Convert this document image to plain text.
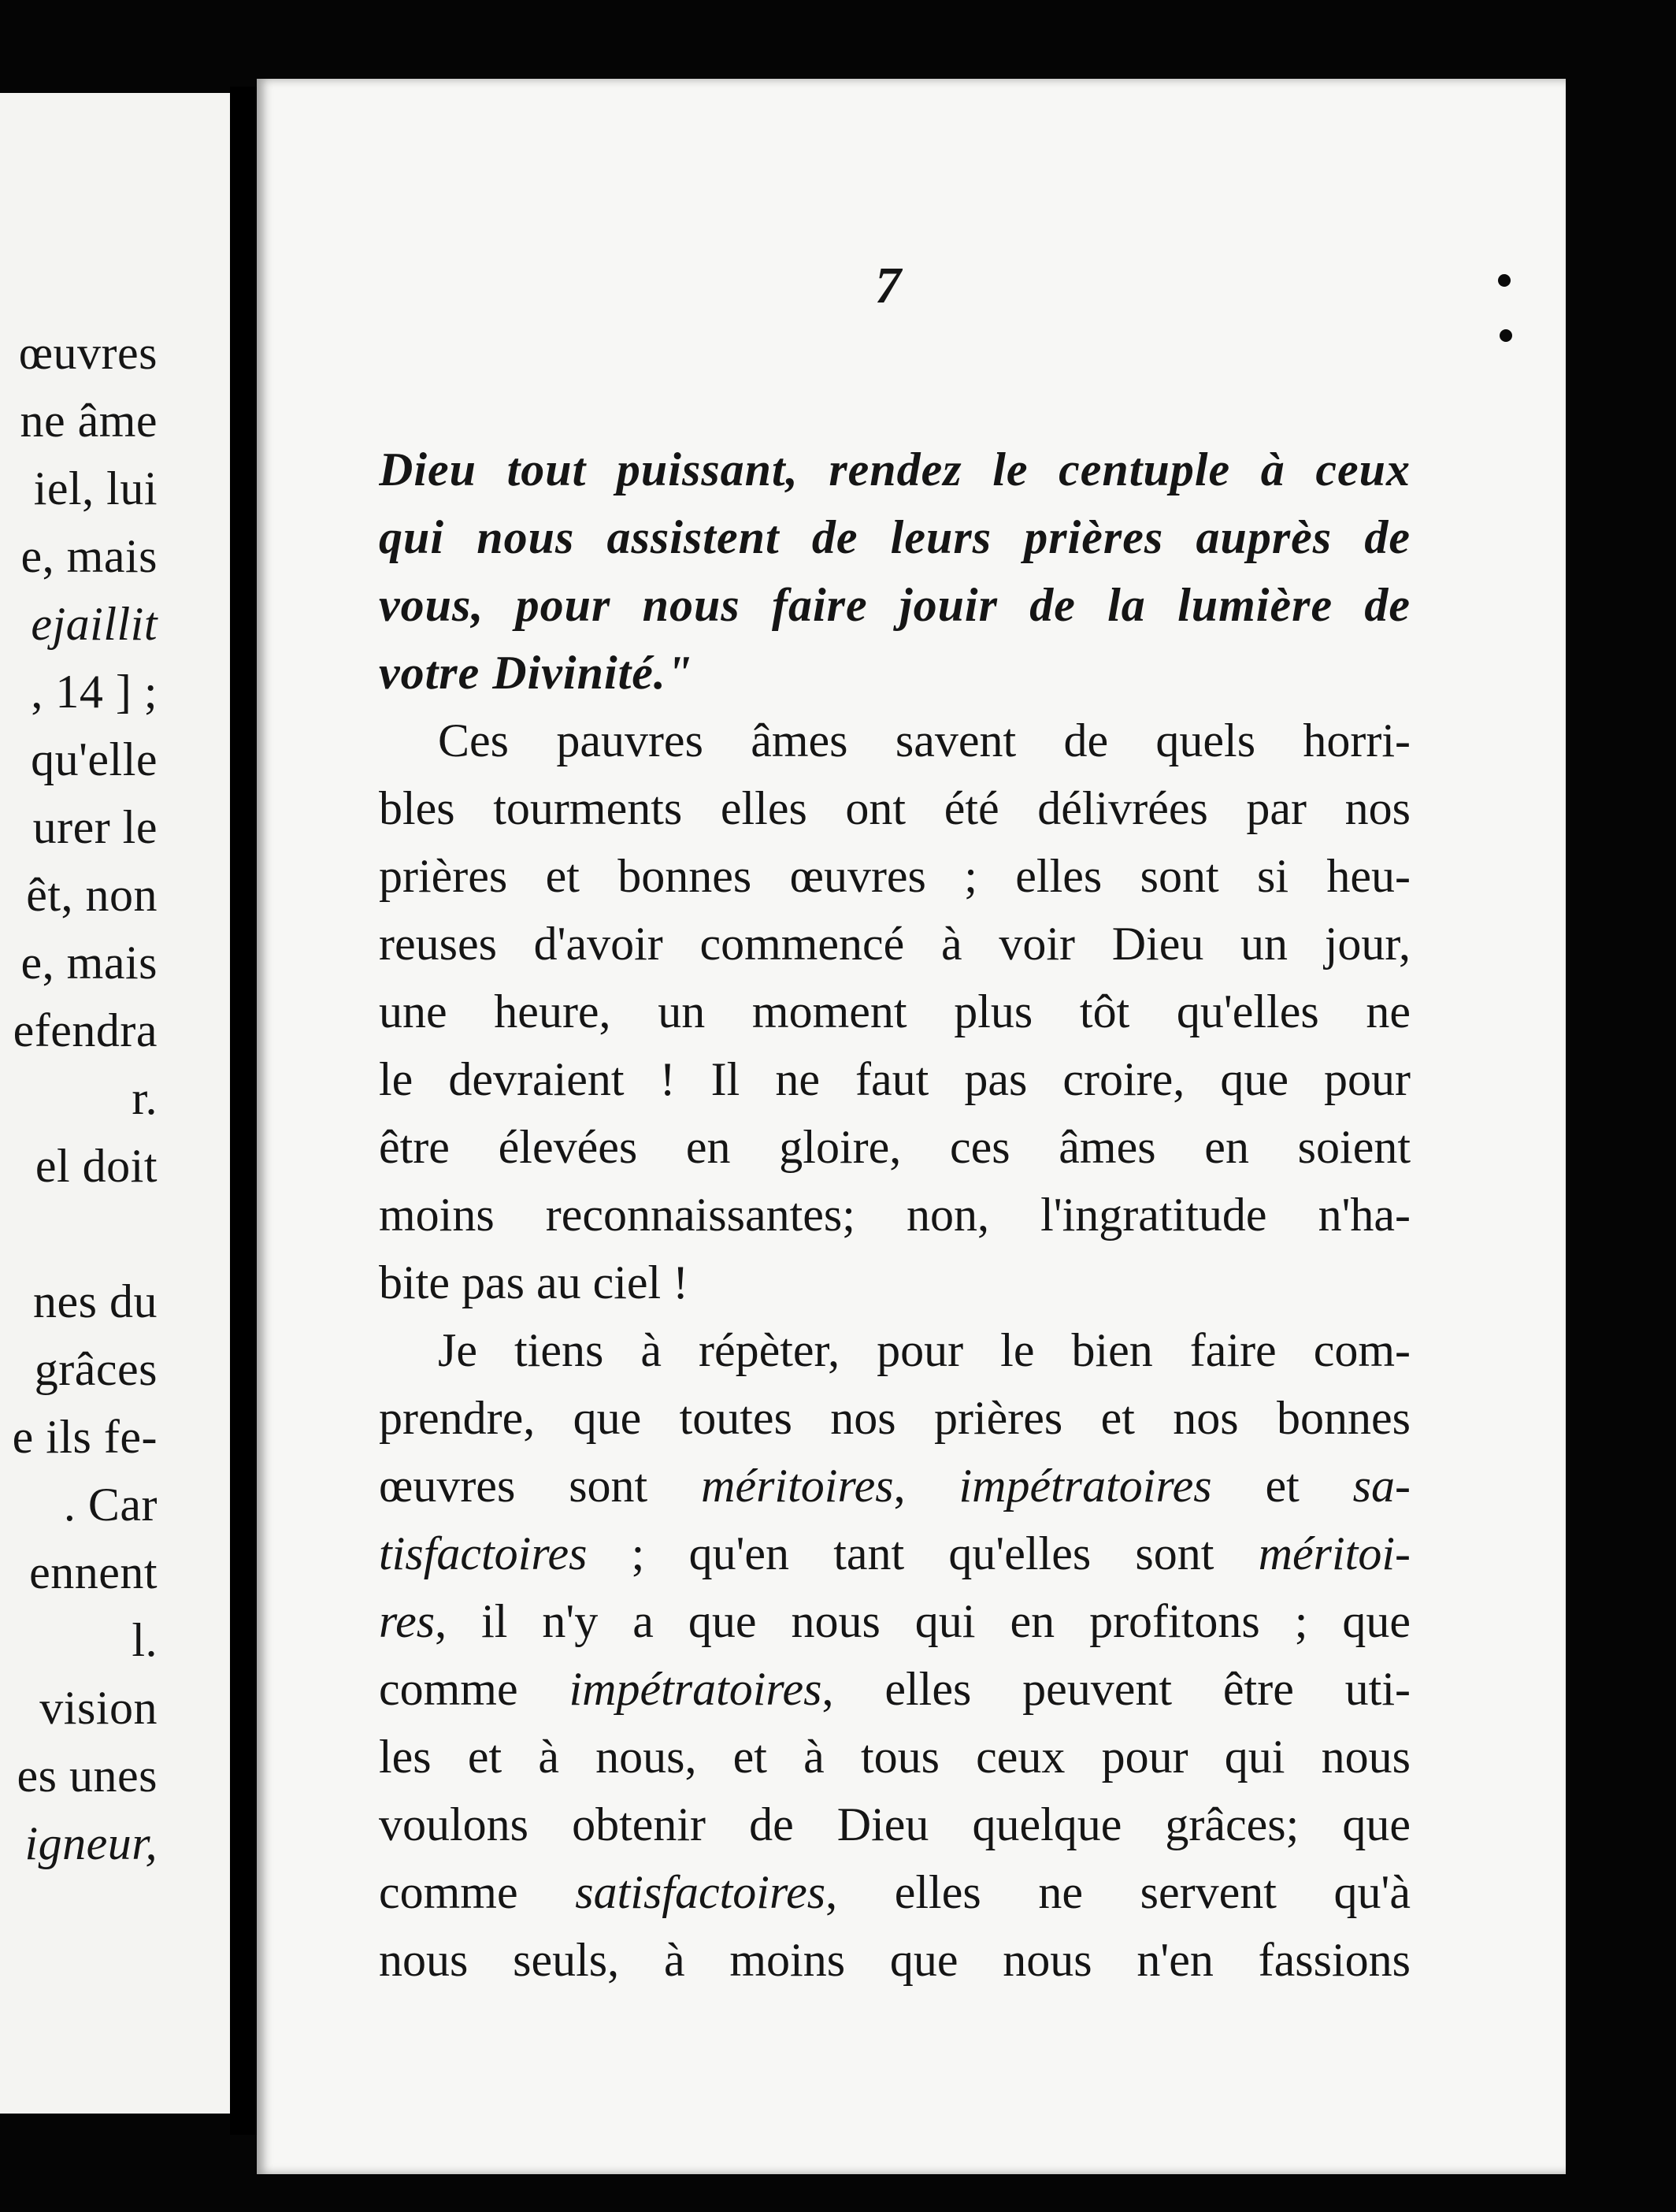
œuvres
ne âme
iel, lui
e, mais
ejaillit
, 14 ] ;
qu'elle
urer le
êt, non
e, mais
efendra
r.
el doit
nes du
grâces
e ils fe-
. Car
ennent
l.
vision
es unes
igneur,
7
Dieu tout puissant, rendez le centuple à ceux
qui nous assistent de leurs prières auprès de
vous, pour nous faire jouir de la lumière de
votre Divinité."
Ces pauvres âmes savent de quels horri-
bles tourments elles ont été délivrées par nos
prières et bonnes œuvres ; elles sont si heu-
reuses d'avoir commencé à voir Dieu un jour,
une heure, un moment plus tôt qu'elles ne
le devraient ! Il ne faut pas croire, que pour
être élevées en gloire, ces âmes en soient
moins reconnaissantes; non, l'ingratitude n'ha-
bite pas au ciel !
Je tiens à répèter, pour le bien faire com-
prendre, que toutes nos prières et nos bonnes
œuvres sont méritoires, impétratoires et sa-
tisfactoires ; qu'en tant qu'elles sont méritoi-
res, il n'y a que nous qui en profitons ; que
comme impétratoires, elles peuvent être uti-
les et à nous, et à tous ceux pour qui nous
voulons obtenir de Dieu quelque grâces; que
comme satisfactoires, elles ne servent qu'à
nous seuls, à moins que nous n'en fassions
